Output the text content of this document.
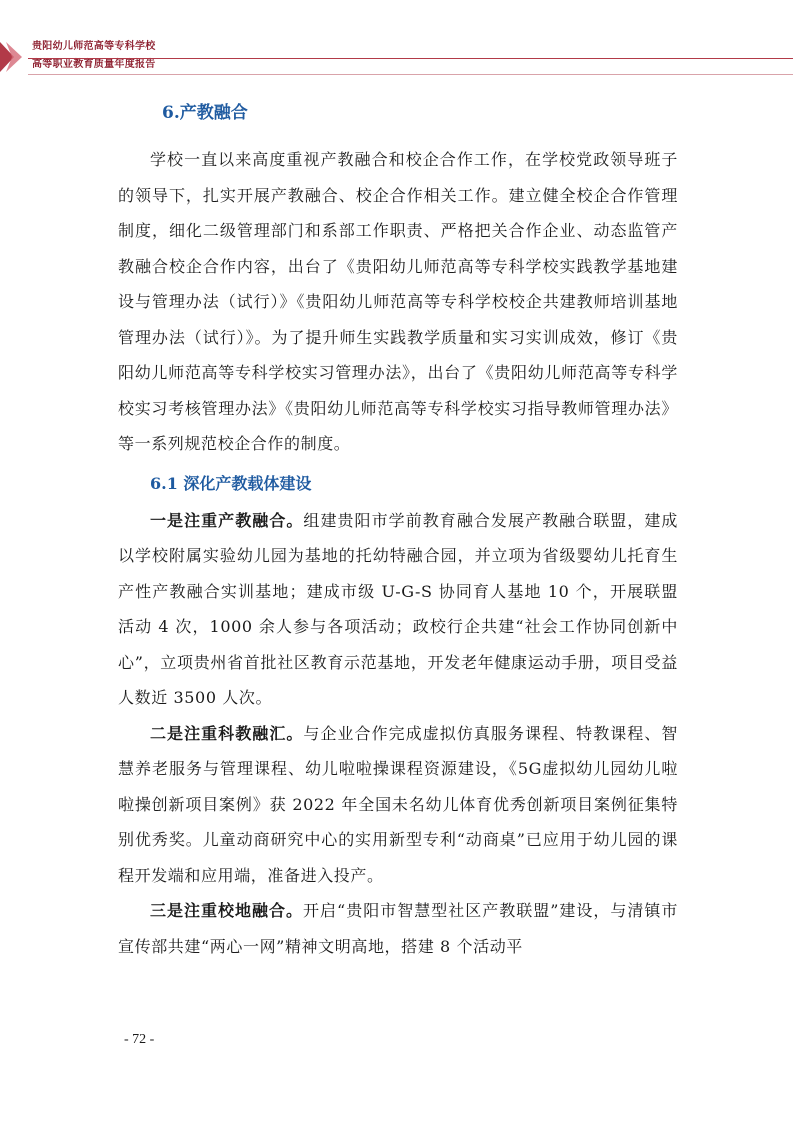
贵阳幼儿师范高等专科学校
高等职业教育质量年度报告
6.产教融合

学校一直以来高度重视产教融合和校企合作工作，在学校党政领导班子的领导下，扎实开展产教融合、校企合作相关工作。建立健全校企合作管理制度，细化二级管理部门和系部工作职责、严格把关合作企业、动态监管产教融合校企合作内容，出台了《贵阳幼儿师范高等专科学校实践教学基地建设与管理办法（试行）》《贵阳幼儿师范高等专科学校校企共建教师培训基地管理办法（试行）》。为了提升师生实践教学质量和实习实训成效，修订《贵阳幼儿师范高等专科学校实习管理办法》，出台了《贵阳幼儿师范高等专科学校实习考核管理办法》《贵阳幼儿师范高等专科学校实习指导教师管理办法》等一系列规范校企合作的制度。

6.1 深化产教载体建设

一是注重产教融合。组建贵阳市学前教育融合发展产教融合联盟，建成以学校附属实验幼儿园为基地的托幼特融合园，并立项为省级婴幼儿托育生产性产教融合实训基地；建成市级 U-G-S 协同育人基地 10 个，开展联盟活动 4 次，1000 余人参与各项活动；政校行企共建“社会工作协同创新中心”，立项贵州省首批社区教育示范基地，开发老年健康运动手册，项目受益人数近 3500 人次。

二是注重科教融汇。与企业合作完成虚拟仿真服务课程、特教课程、智慧养老服务与管理课程、幼儿啦啦操课程资源建设，《5G虚拟幼儿园幼儿啦啦操创新项目案例》获 2022 年全国未名幼儿体育优秀创新项目案例征集特别优秀奖。儿童动商研究中心的实用新型专利“动商桌”已应用于幼儿园的课程开发端和应用端，准备进入投产。

三是注重校地融合。开启“贵阳市智慧型社区产教联盟”建设，与清镇市宣传部共建“两心一网”精神文明高地，搭建 8 个活动平

- 72 -
